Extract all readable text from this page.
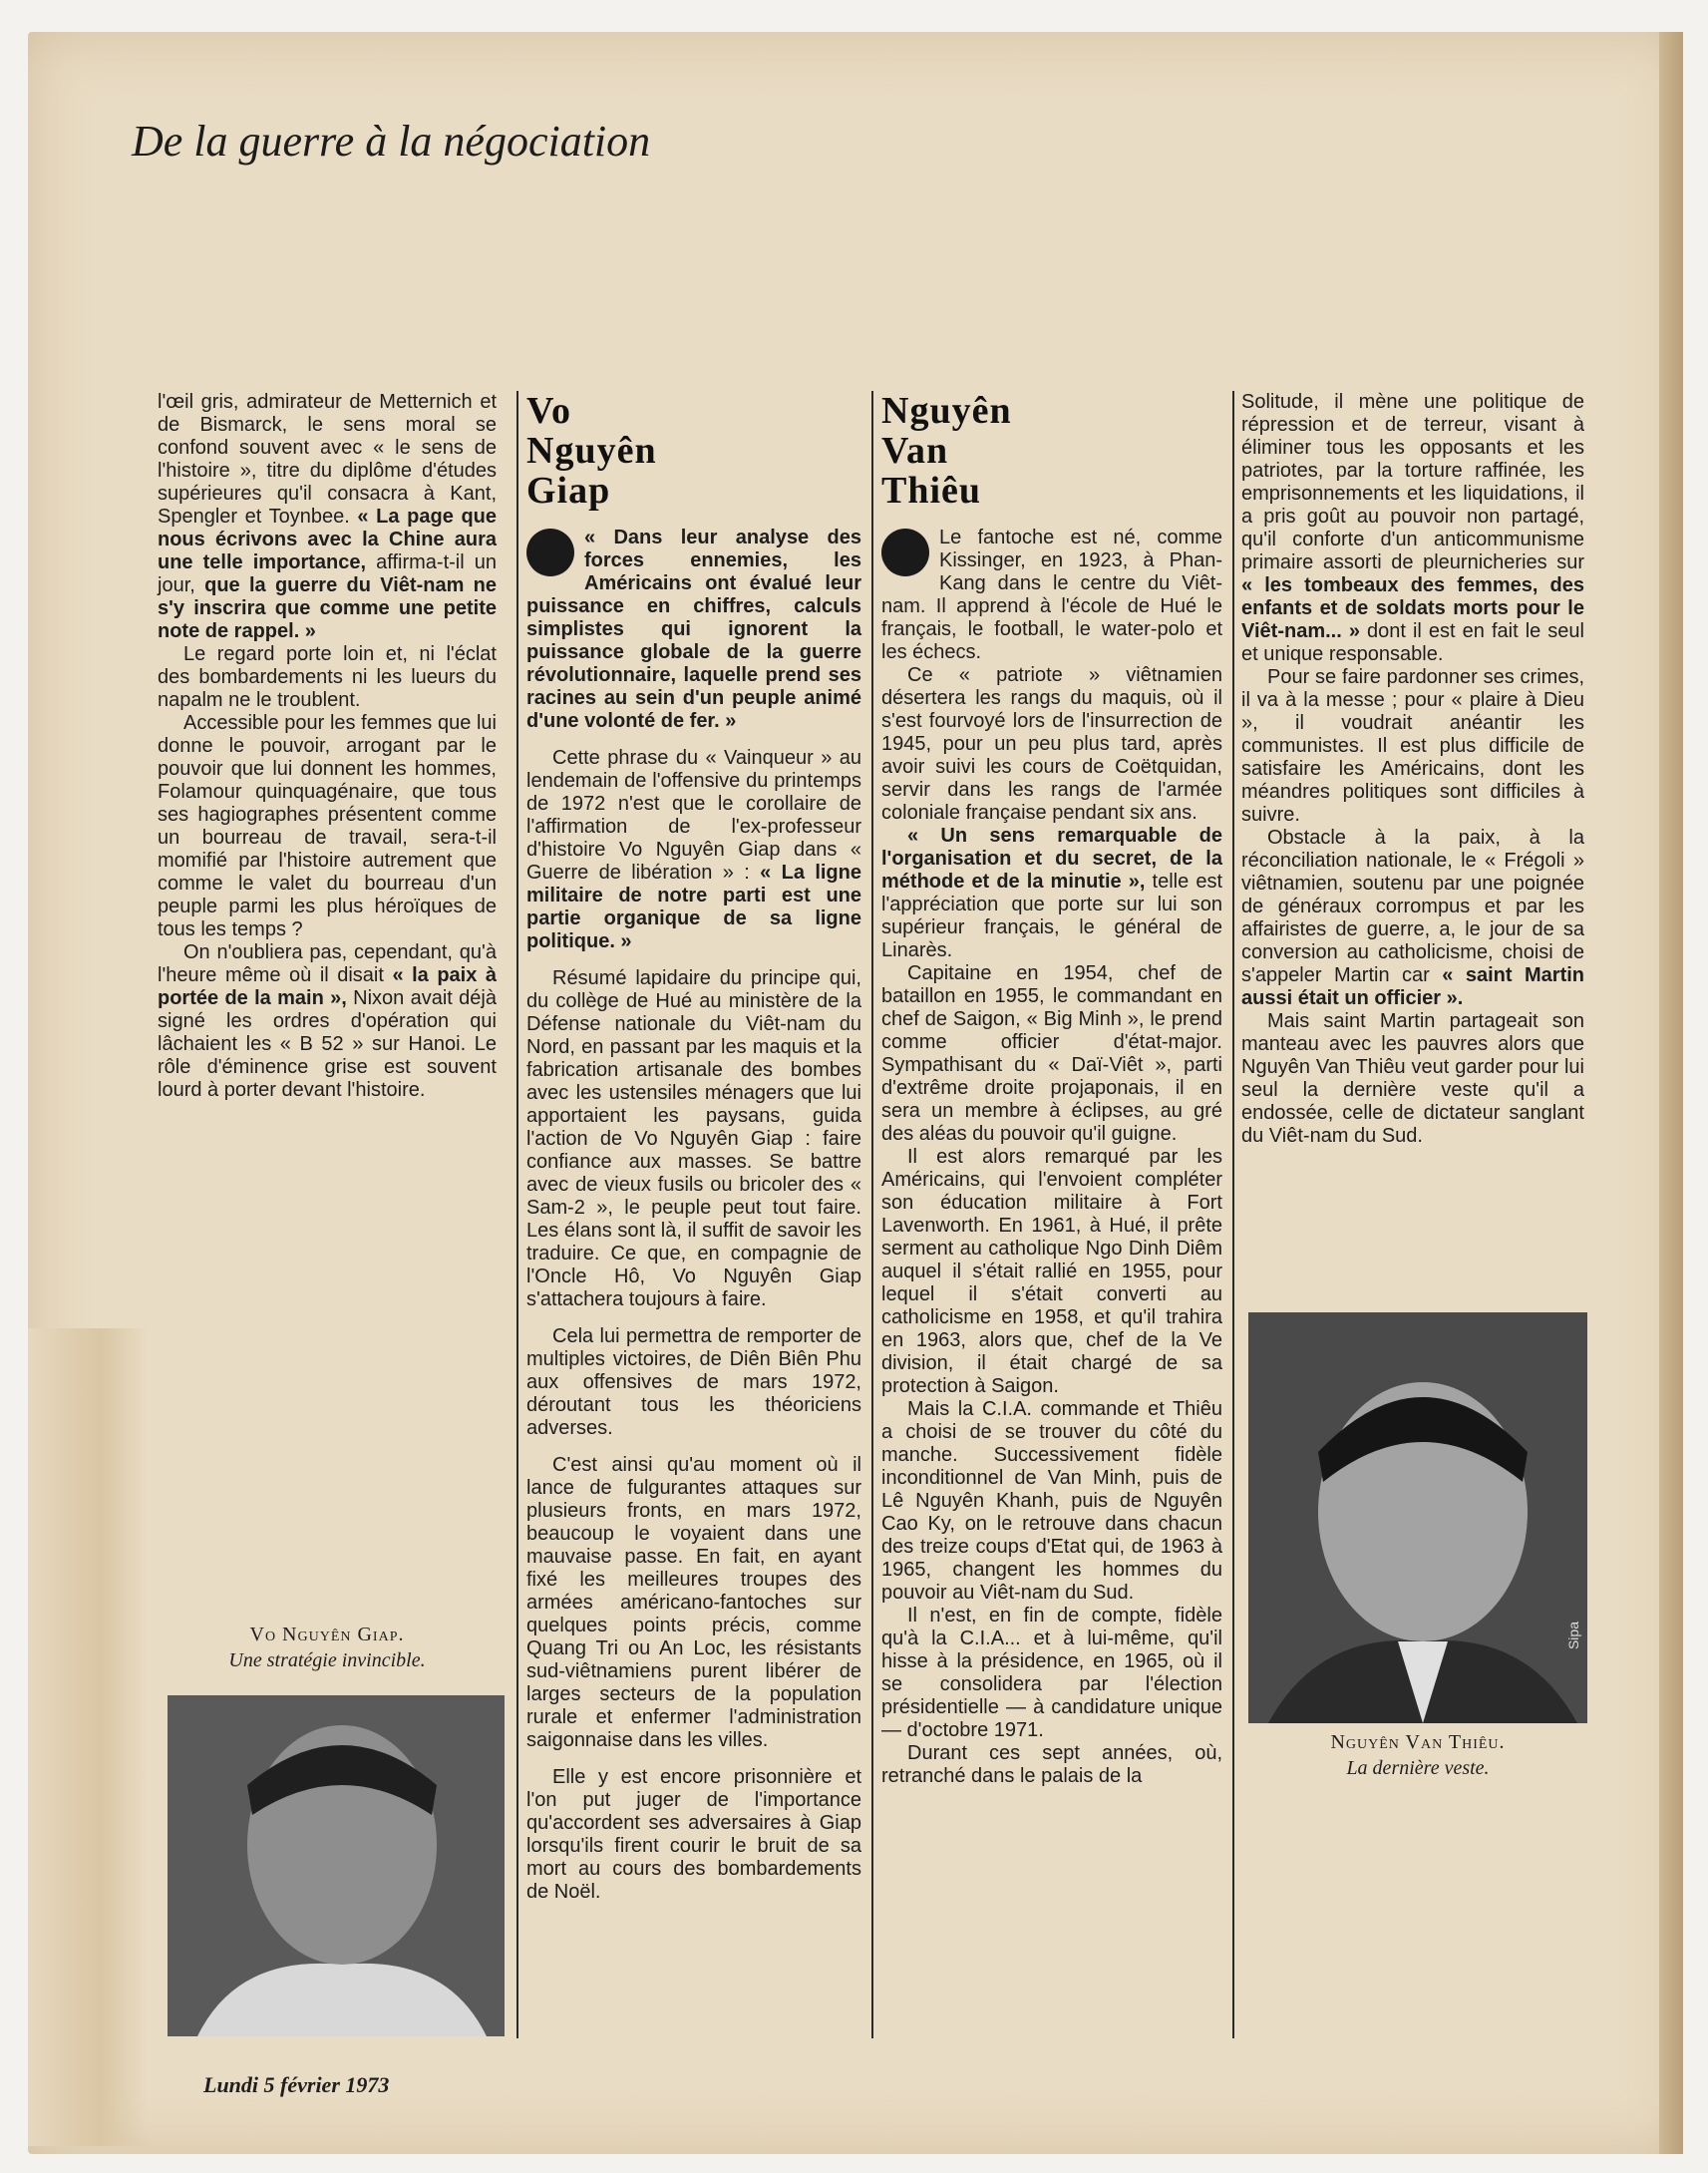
De la guerre à la négociation

l'œil gris, admirateur de Metternich et de Bismarck, le sens moral se confond souvent avec « le sens de l'histoire », titre du diplôme d'études supérieures qu'il consacra à Kant, Spengler et Toynbee. « La page que nous écrivons avec la Chine aura une telle importance, affirma-t-il un jour, que la guerre du Viêt-nam ne s'y inscrira que comme une petite note de rappel. »

Le regard porte loin et, ni l'éclat des bombardements ni les lueurs du napalm ne le troublent.

Accessible pour les femmes que lui donne le pouvoir, arrogant par le pouvoir que lui donnent les hommes, Folamour quinquagénaire, que tous ses hagiographes présentent comme un bourreau de travail, sera-t-il momifié par l'histoire autrement que comme le valet du bourreau d'un peuple parmi les plus héroïques de tous les temps ?

On n'oubliera pas, cependant, qu'à l'heure même où il disait « la paix à portée de la main », Nixon avait déjà signé les ordres d'opération qui lâchaient les « B 52 » sur Hanoi. Le rôle d'éminence grise est souvent lourd à porter devant l'histoire.

Vo Nguyên Giap.
Une stratégie invincible.
Vo
Nguyên
Giap

« Dans leur analyse des forces ennemies, les Américains ont évalué leur puissance en chiffres, calculs simplistes qui ignorent la puissance globale de la guerre révolutionnaire, laquelle prend ses racines au sein d'un peuple animé d'une volonté de fer. »

Cette phrase du « Vainqueur » au lendemain de l'offensive du printemps de 1972 n'est que le corollaire de l'affirmation de l'ex-professeur d'histoire Vo Nguyên Giap dans « Guerre de libération » : « La ligne militaire de notre parti est une partie organique de sa ligne politique. »

Résumé lapidaire du principe qui, du collège de Hué au ministère de la Défense nationale du Viêt-nam du Nord, en passant par les maquis et la fabrication artisanale des bombes avec les ustensiles ménagers que lui apportaient les paysans, guida l'action de Vo Nguyên Giap : faire confiance aux masses. Se battre avec de vieux fusils ou bricoler des « Sam-2 », le peuple peut tout faire. Les élans sont là, il suffit de savoir les traduire. Ce que, en compagnie de l'Oncle Hô, Vo Nguyên Giap s'attachera toujours à faire.

Cela lui permettra de remporter de multiples victoires, de Diên Biên Phu aux offensives de mars 1972, déroutant tous les théoriciens adverses.

C'est ainsi qu'au moment où il lance de fulgurantes attaques sur plusieurs fronts, en mars 1972, beaucoup le voyaient dans une mauvaise passe. En fait, en ayant fixé les meilleures troupes des armées américano-fantoches sur quelques points précis, comme Quang Tri ou An Loc, les résistants sud-viêtnamiens purent libérer de larges secteurs de la population rurale et enfermer l'administration saigonnaise dans les villes.

Elle y est encore prisonnière et l'on put juger de l'importance qu'accordent ses adversaires à Giap lorsqu'ils firent courir le bruit de sa mort au cours des bombardements de Noël.

Nguyên
Van
Thiêu

Le fantoche est né, comme Kissinger, en 1923, à Phan-Kang dans le centre du Viêt-nam. Il apprend à l'école de Hué le français, le football, le water-polo et les échecs.

Ce « patriote » viêtnamien désertera les rangs du maquis, où il s'est fourvoyé lors de l'insurrection de 1945, pour un peu plus tard, après avoir suivi les cours de Coëtquidan, servir dans les rangs de l'armée coloniale française pendant six ans.

« Un sens remarquable de l'organisation et du secret, de la méthode et de la minutie », telle est l'appréciation que porte sur lui son supérieur français, le général de Linarès.

Capitaine en 1954, chef de bataillon en 1955, le commandant en chef de Saigon, « Big Minh », le prend comme officier d'état-major. Sympathisant du « Daï-Viêt », parti d'extrême droite projaponais, il en sera un membre à éclipses, au gré des aléas du pouvoir qu'il guigne.

Il est alors remarqué par les Américains, qui l'envoient compléter son éducation militaire à Fort Lavenworth. En 1961, à Hué, il prête serment au catholique Ngo Dinh Diêm auquel il s'était rallié en 1955, pour lequel il s'était converti au catholicisme en 1958, et qu'il trahira en 1963, alors que, chef de la Ve division, il était chargé de sa protection à Saigon.

Mais la C.I.A. commande et Thiêu a choisi de se trouver du côté du manche. Successivement fidèle inconditionnel de Van Minh, puis de Lê Nguyên Khanh, puis de Nguyên Cao Ky, on le retrouve dans chacun des treize coups d'Etat qui, de 1963 à 1965, changent les hommes du pouvoir au Viêt-nam du Sud.

Il n'est, en fin de compte, fidèle qu'à la C.I.A... et à lui-même, qu'il hisse à la présidence, en 1965, où il se consolidera par l'élection présidentielle — à candidature unique — d'octobre 1971.

Durant ces sept années, où, retranché dans le palais de la

Solitude, il mène une politique de répression et de terreur, visant à éliminer tous les opposants et les patriotes, par la torture raffinée, les emprisonnements et les liquidations, il a pris goût au pouvoir non partagé, qu'il conforte d'un anticommunisme primaire assorti de pleurnicheries sur « les tombeaux des femmes, des enfants et de soldats morts pour le Viêt-nam... » dont il est en fait le seul et unique responsable.

Pour se faire pardonner ses crimes, il va à la messe ; pour « plaire à Dieu », il voudrait anéantir les communistes. Il est plus difficile de satisfaire les Américains, dont les méandres politiques sont difficiles à suivre.

Obstacle à la paix, à la réconciliation nationale, le « Frégoli » viêtnamien, soutenu par une poignée de généraux corrompus et par les affairistes de guerre, a, le jour de sa conversion au catholicisme, choisi de s'appeler Martin car « saint Martin aussi était un officier ».

Mais saint Martin partageait son manteau avec les pauvres alors que Nguyên Van Thiêu veut garder pour lui seul la dernière veste qu'il a endossée, celle de dictateur sanglant du Viêt-nam du Sud.

Sipa
Nguyên Van Thiêu.
La dernière veste.
Lundi 5 février 1973
